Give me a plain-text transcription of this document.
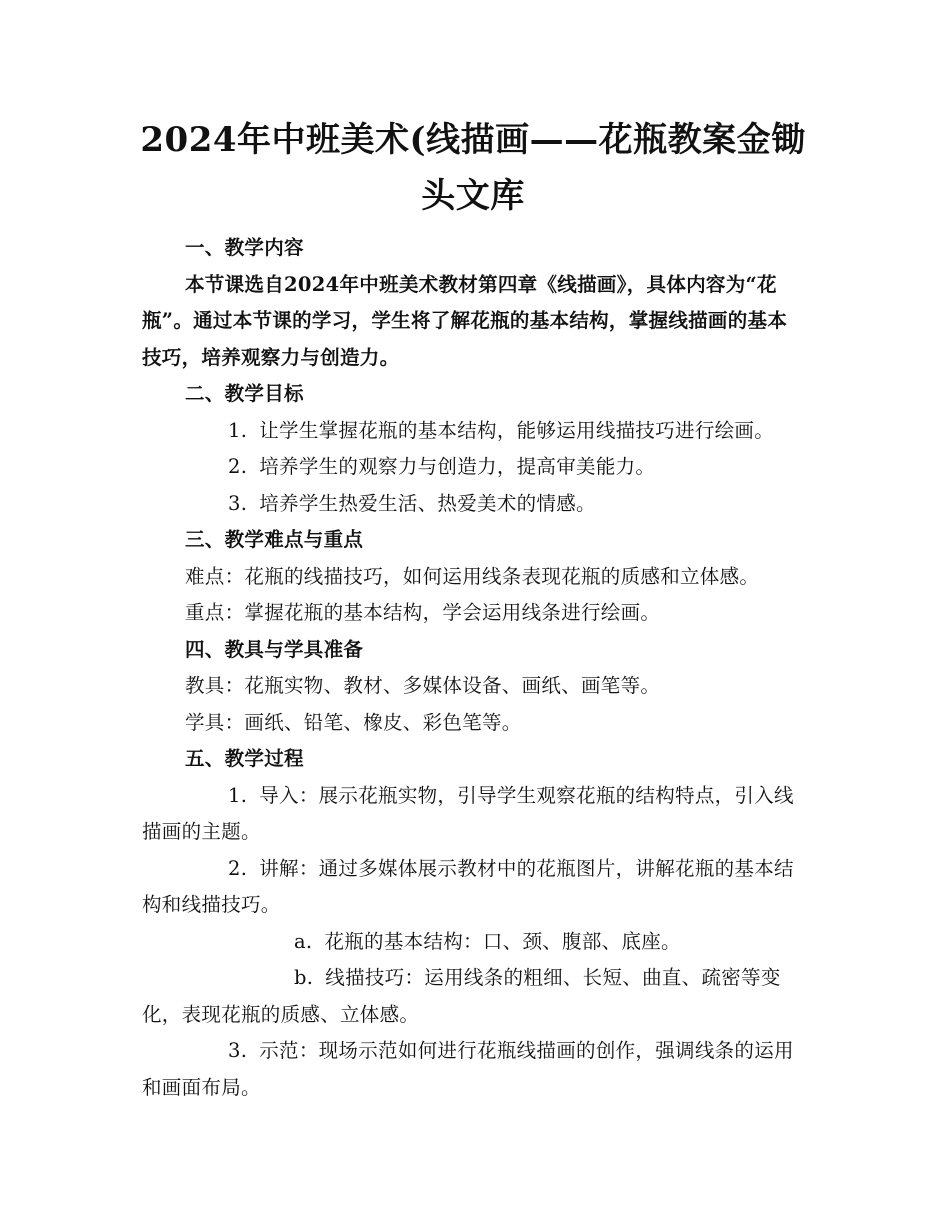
2024年中班美术(线描画——花瓶教案金锄
头文库

一、教学内容

本节课选自2024年中班美术教材第四章《线描画》，具体内容为“花瓶”。通过本节课的学习，学生将了解花瓶的基本结构，掌握线描画的基本技巧，培养观察力与创造力。

二、教学目标

1. 让学生掌握花瓶的基本结构，能够运用线描技巧进行绘画。

2. 培养学生的观察力与创造力，提高审美能力。

3. 培养学生热爱生活、热爱美术的情感。

三、教学难点与重点

难点：花瓶的线描技巧，如何运用线条表现花瓶的质感和立体感。

重点：掌握花瓶的基本结构，学会运用线条进行绘画。

四、教具与学具准备

教具：花瓶实物、教材、多媒体设备、画纸、画笔等。

学具：画纸、铅笔、橡皮、彩色笔等。

五、教学过程

1. 导入：展示花瓶实物，引导学生观察花瓶的结构特点，引入线描画的主题。

2. 讲解：通过多媒体展示教材中的花瓶图片，讲解花瓶的基本结构和线描技巧。

a. 花瓶的基本结构：口、颈、腹部、底座。

b. 线描技巧：运用线条的粗细、长短、曲直、疏密等变化，表现花瓶的质感、立体感。

3. 示范：现场示范如何进行花瓶线描画的创作，强调线条的运用和画面布局。
